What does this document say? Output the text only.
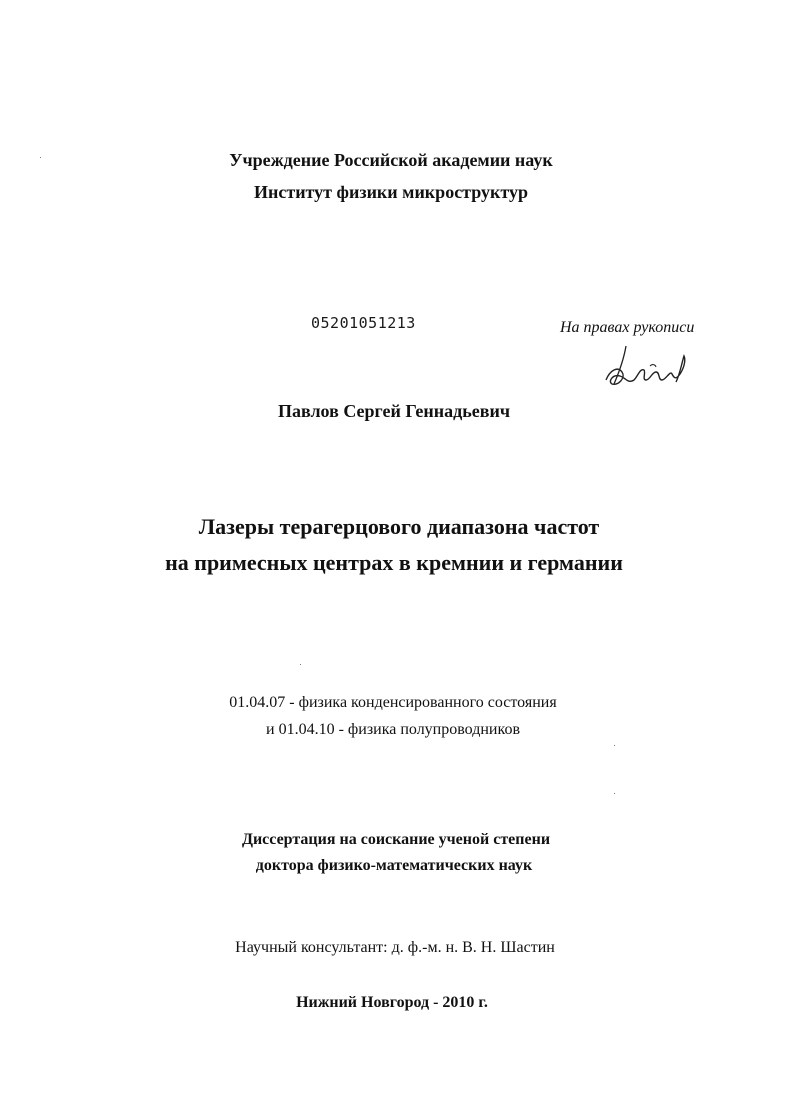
Учреждение Российской академии наук
Институт физики микроструктур
05201051213	На правах рукописи
Павлов Сергей Геннадьевич
Лазеры терагерцового диапазона частот
на примесных центрах в кремнии и германии
01.04.07 - физика конденсированного состояния
и 01.04.10 - физика полупроводников
Диссертация на соискание ученой степени
доктора физико-математических наук
Научный консультант: д. ф.-м. н. В. Н. Шастин
Нижний Новгород - 2010 г.
